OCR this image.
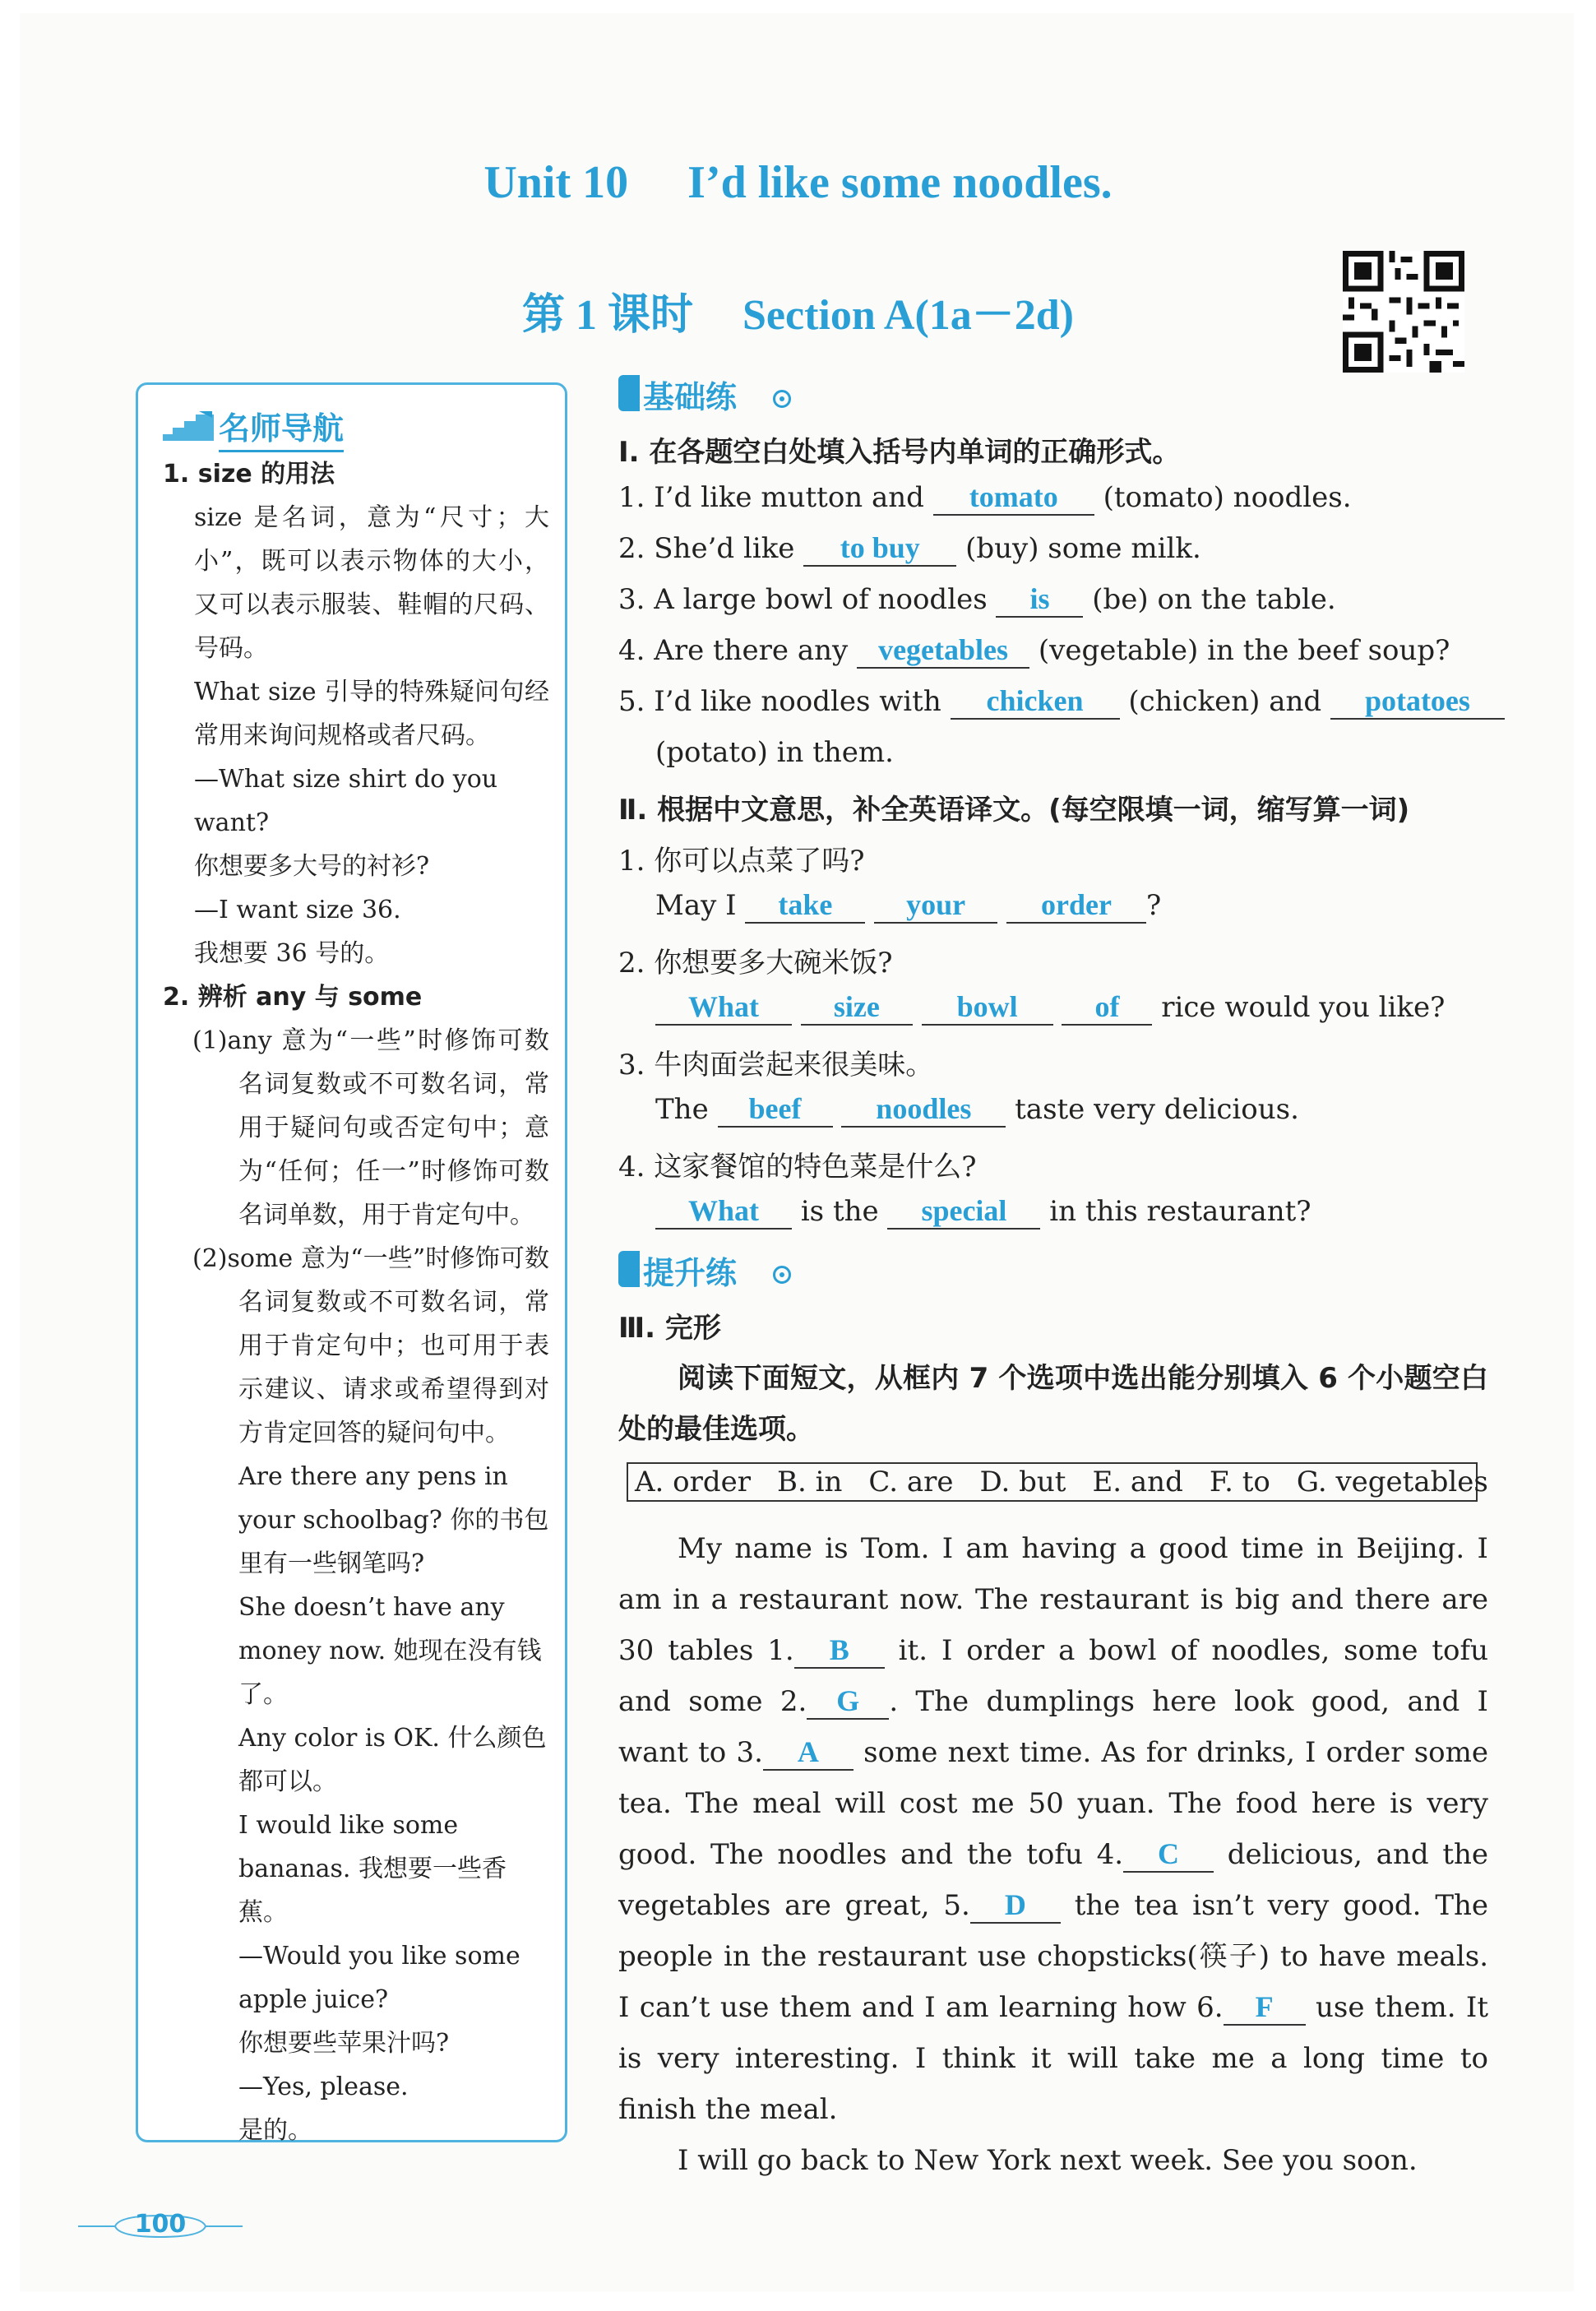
Unit 10 I’d like some noodles.
第 1 课时 Section A(1a－2d)
名师导航

1. size 的用法

size 是名词，意为“尺寸；大小”，既可以表示物体的大小，又可以表示服装、鞋帽的尺码、号码。

What size 引导的特殊疑问句经常用来询问规格或者尺码。

—What size shirt do you want?

你想要多大号的衬衫?

—I want size 36.

我想要 36 号的。

2. 辨析 any 与 some

(1)any 意为“一些”时修饰可数名词复数或不可数名词，常用于疑问句或否定句中；意为“任何；任一”时修饰可数名词单数，用于肯定句中。

(2)some 意为“一些”时修饰可数名词复数或不可数名词，常用于肯定句中；也可用于表示建议、请求或希望得到对方肯定回答的疑问句中。

Are there any pens in your schoolbag? 你的书包里有一些钢笔吗?

She doesn’t have any money now. 她现在没有钱了。

Any color is OK. 什么颜色都可以。

I would like some bananas. 我想要一些香蕉。

—Would you like some apple juice?

你想要些苹果汁吗?

—Yes, please.

是的。

基础练
Ⅰ. 在各题空白处填入括号内单词的正确形式。
1. I’d like mutton and tomato (tomato) noodles.
2. She’d like to buy (buy) some milk.
3. A large bowl of noodles is (be) on the table.
4. Are there any vegetables (vegetable) in the beef soup?
5. I’d like noodles with chicken (chicken) and potatoes
(potato) in them.
Ⅱ. 根据中文意思，补全英语译文。(每空限填一词，缩写算一词)
1. 你可以点菜了吗?
May I take your	order ?
2. 你想要多大碗米饭?
What	size	bowl	of rice would you like?
3. 牛肉面尝起来很美味。
The beef	noodles taste very delicious.
4. 这家餐馆的特色菜是什么?
What is the special in this restaurant?
提升练
Ⅲ. 完形
阅读下面短文，从框内 7 个选项中选出能分别填入 6 个小题空白处的最佳选项。
A. order B. in C. are D. but E. and F. to G. vegetables

My name is Tom. I am having a good time in Beijing. I am in a restaurant now. The restaurant is big and there are 30 tables 1. B it. I order a bowl of noodles, some tofu and some 2. G . The dumplings here look good, and I want to 3. A some next time. As for drinks, I order some tea. The meal will cost me 50 yuan. The food here is very good. The noodles and the tofu 4. C delicious, and the vegetables are great, 5. D the tea isn’t very good. The people in the restaurant use chopsticks(筷子) to have meals. I can’t use them and I am learning how 6. F use them. It is very interesting. I think it will take me a long time to finish the meal.

I will go back to New York next week. See you soon.

100
